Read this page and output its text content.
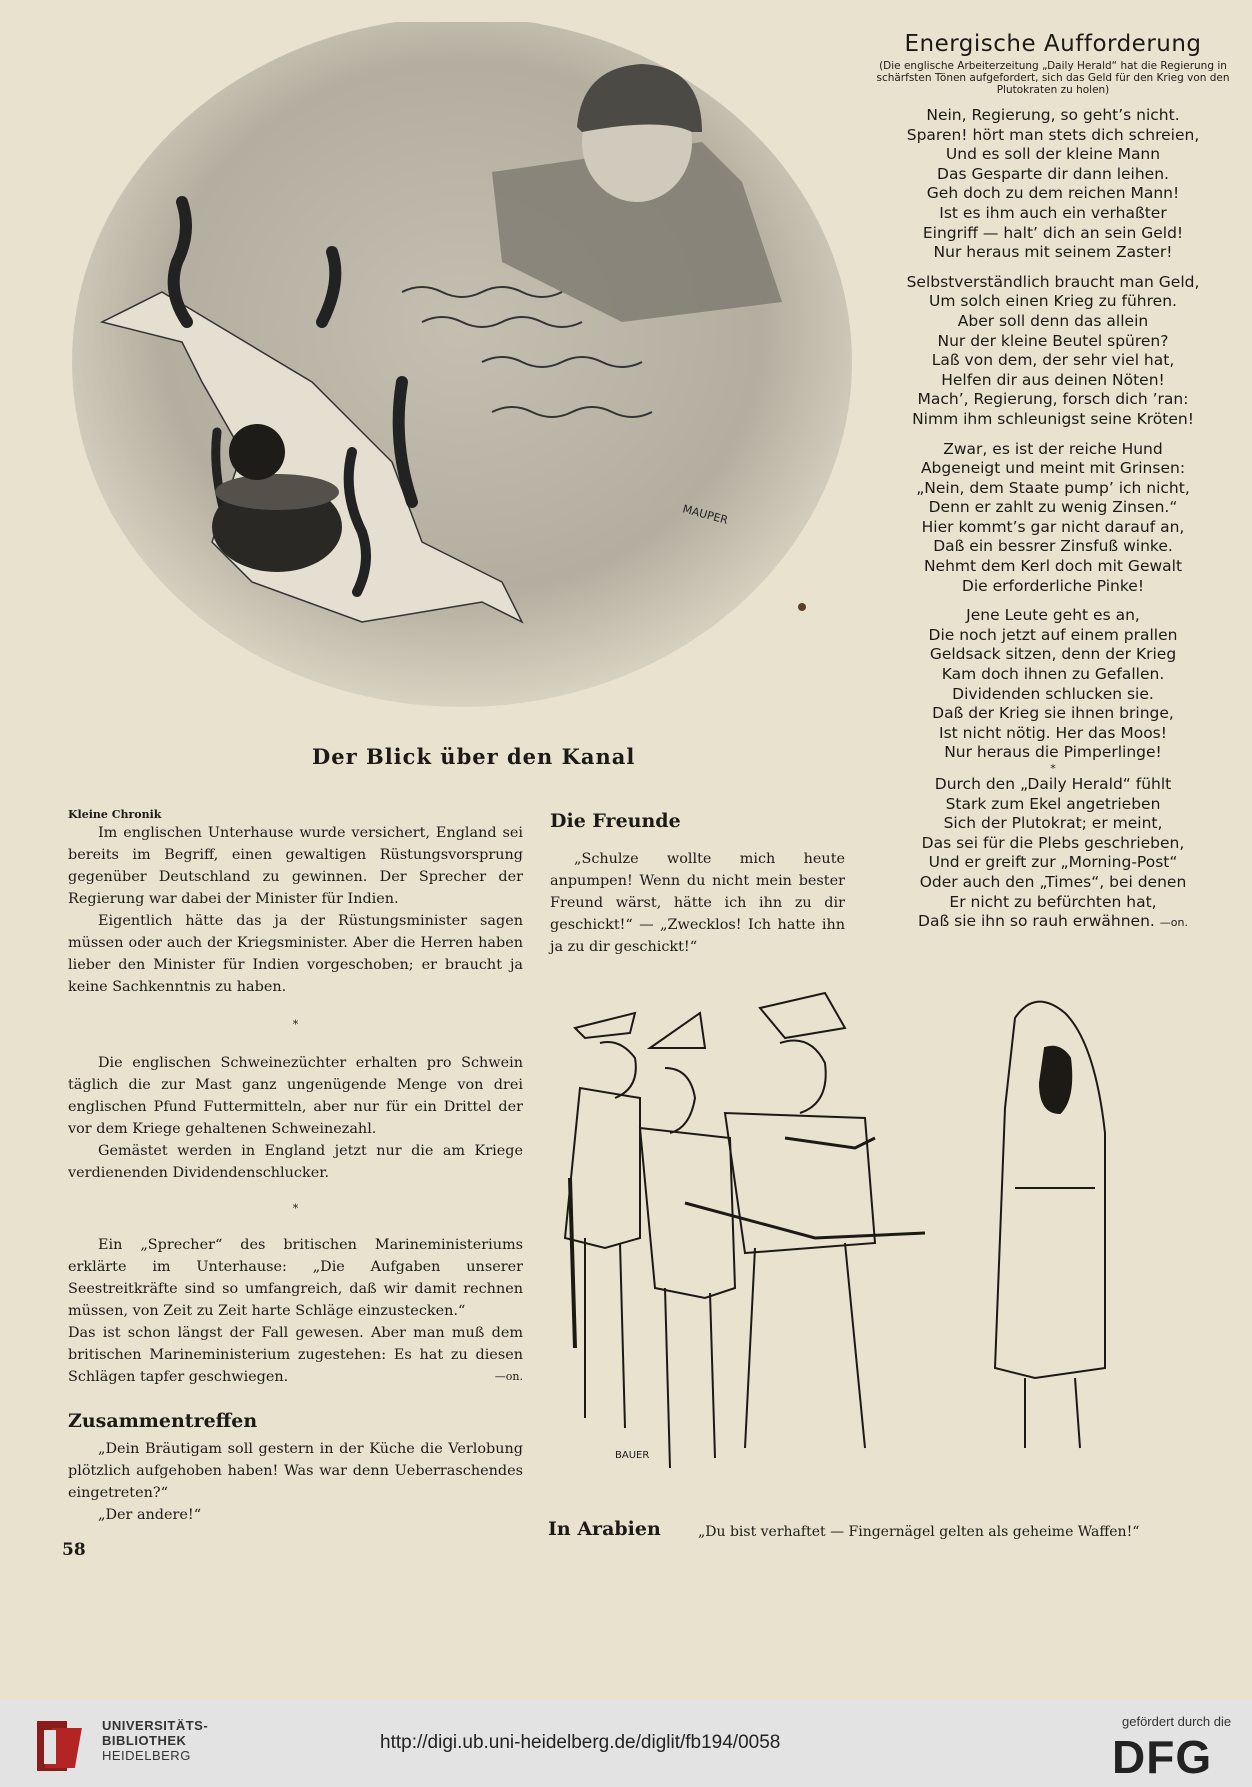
MAUPER
Der Blick über den Kanal
Energische Aufforderung
(Die englische Arbeiterzeitung „Daily Herald“ hat die Regierung in schärfsten Tönen aufgefordert, sich das Geld für den Krieg von den Plutokraten zu holen)
Nein, Regierung, so geht’s nicht.
Sparen! hört man stets dich schreien,
Und es soll der kleine Mann
Das Gesparte dir dann leihen.
Geh doch zu dem reichen Mann!
Ist es ihm auch ein verhaßter
Eingriff — halt’ dich an sein Geld!
Nur heraus mit seinem Zaster!
Selbstverständlich braucht man Geld,
Um solch einen Krieg zu führen.
Aber soll denn das allein
Nur der kleine Beutel spüren?
Laß von dem, der sehr viel hat,
Helfen dir aus deinen Nöten!
Mach’, Regierung, forsch dich ’ran:
Nimm ihm schleunigst seine Kröten!
Zwar, es ist der reiche Hund
Abgeneigt und meint mit Grinsen:
„Nein, dem Staate pump’ ich nicht,
Denn er zahlt zu wenig Zinsen.“
Hier kommt’s gar nicht darauf an,
Daß ein bessrer Zinsfuß winke.
Nehmt dem Kerl doch mit Gewalt
Die erforderliche Pinke!
Jene Leute geht es an,
Die noch jetzt auf einem prallen
Geldsack sitzen, denn der Krieg
Kam doch ihnen zu Gefallen.
Dividenden schlucken sie.
Daß der Krieg sie ihnen bringe,
Ist nicht nötig. Her das Moos!
Nur heraus die Pimperlinge!
*
Durch den „Daily Herald“ fühlt
Stark zum Ekel angetrieben
Sich der Plutokrat; er meint,
Das sei für die Plebs geschrieben,
Und er greift zur „Morning-Post“
Oder auch den „Times“, bei denen
Er nicht zu befürchten hat,
Daß sie ihn so rauh erwähnen. —on.

Kleine Chronik

Im englischen Unterhause wurde versichert, England sei bereits im Begriff, einen gewaltigen Rüstungsvorsprung gegenüber Deutschland zu gewinnen. Der Sprecher der Regierung war dabei der Minister für Indien.

Eigentlich hätte das ja der Rüstungsminister sagen müssen oder auch der Kriegsminister. Aber die Herren haben lieber den Minister für Indien vorgeschoben; er braucht ja keine Sachkenntnis zu haben.

*

Die englischen Schweinezüchter erhalten pro Schwein täglich die zur Mast ganz ungenügende Menge von drei englischen Pfund Futtermitteln, aber nur für ein Drittel der vor dem Kriege gehaltenen Schweinezahl.

Gemästet werden in England jetzt nur die am Kriege verdienenden Dividendenschlucker.

*

Ein „Sprecher“ des britischen Marineministeriums erklärte im Unterhause: „Die Aufgaben unserer Seestreitkräfte sind so umfangreich, daß wir damit rechnen müssen, von Zeit zu Zeit harte Schläge einzustecken.“

Das ist schon längst der Fall gewesen. Aber man muß dem britischen Marineministerium zugestehen: Es hat zu diesen Schlägen tapfer geschwiegen.	—on.

Zusammentreffen

„Dein Bräutigam soll gestern in der Küche die Verlobung plötzlich aufgehoben haben! Was war denn Ueberraschendes eingetreten?“

„Der andere!“

Die Freunde

„Schulze wollte mich heute anpumpen! Wenn du nicht mein bester Freund wärst, hätte ich ihn zu dir geschickt!“ — „Zwecklos! Ich hatte ihn ja zu dir geschickt!“

BAUER
In Arabien	„Du bist verhaftet — Fingernägel gelten als geheime Waffen!“
58
UNIVERSITÄTS-
BIBLIOTHEK
HEIDELBERG
http://digi.ub.uni-heidelberg.de/diglit/fb194/0058
gefördert durch die
DFG
